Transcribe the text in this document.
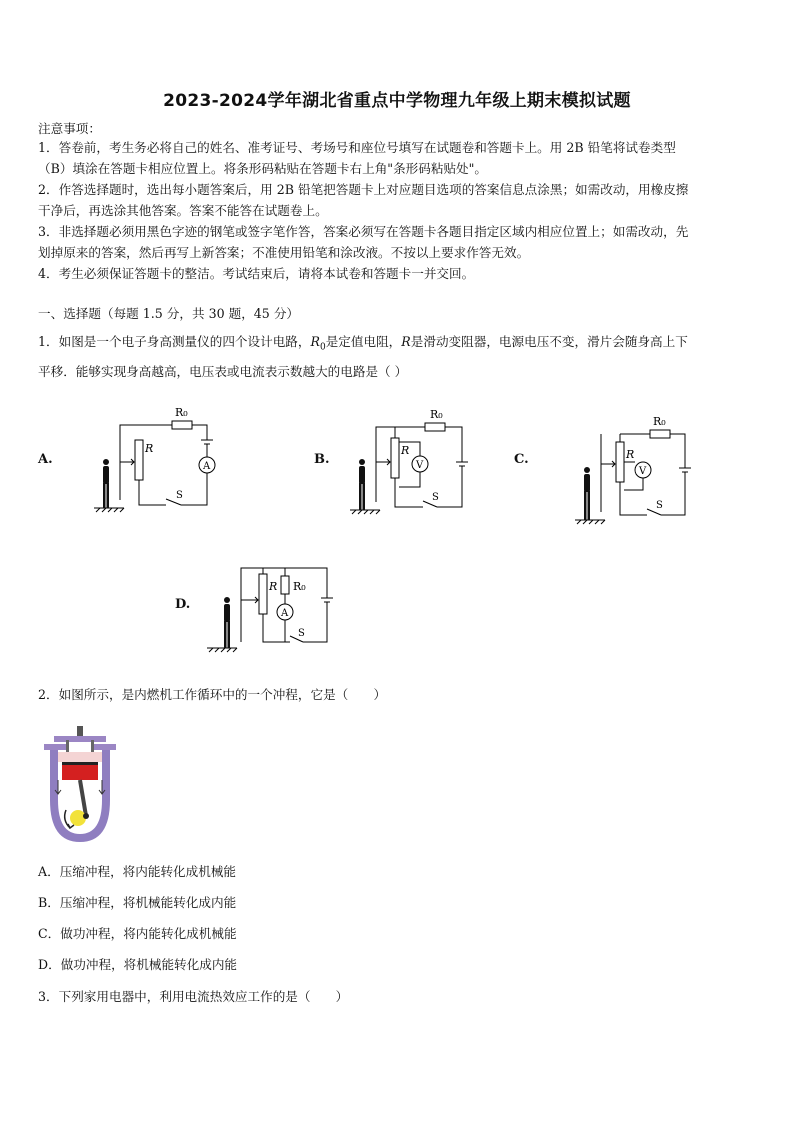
2023-2024学年湖北省重点中学物理九年级上期末模拟试题
注意事项：
1．答卷前，考生务必将自己的姓名、准考证号、考场号和座位号填写在试题卷和答题卡上。用 2B 铅笔将试卷类型
（B）填涂在答题卡相应位置上。将条形码粘贴在答题卡右上角"条形码粘贴处"。
2．作答选择题时，选出每小题答案后，用 2B 铅笔把答题卡上对应题目选项的答案信息点涂黑；如需改动，用橡皮擦
干净后，再选涂其他答案。答案不能答在试题卷上。
3．非选择题必须用黑色字迹的钢笔或签字笔作答，答案必须写在答题卡各题目指定区域内相应位置上；如需改动，先
划掉原来的答案，然后再写上新答案；不准使用铅笔和涂改液。不按以上要求作答无效。
4．考生必须保证答题卡的整洁。考试结束后，请将本试卷和答题卡一并交回。
一、选择题（每题 1.5 分，共 30 题，45 分）
1．如图是一个电子身高测量仪的四个设计电路，$R_0$是定值电阻，R是滑动变阻器，电源电压不变，滑片会随身高上下
平移．能够实现身高越高，电压表或电流表示数越大的电路是（ ）
A.	B.	C.
D.
R₀
R
A
S
R₀
R
V
S
R₀
R
V
S
R₀
R
A
S
2．如图所示，是内燃机工作循环中的一个冲程，它是（　　）
A．压缩冲程，将内能转化成机械能
B．压缩冲程，将机械能转化成内能
C．做功冲程，将内能转化成机械能
D．做功冲程，将机械能转化成内能
3．下列家用电器中，利用电流热效应工作的是（　　）
